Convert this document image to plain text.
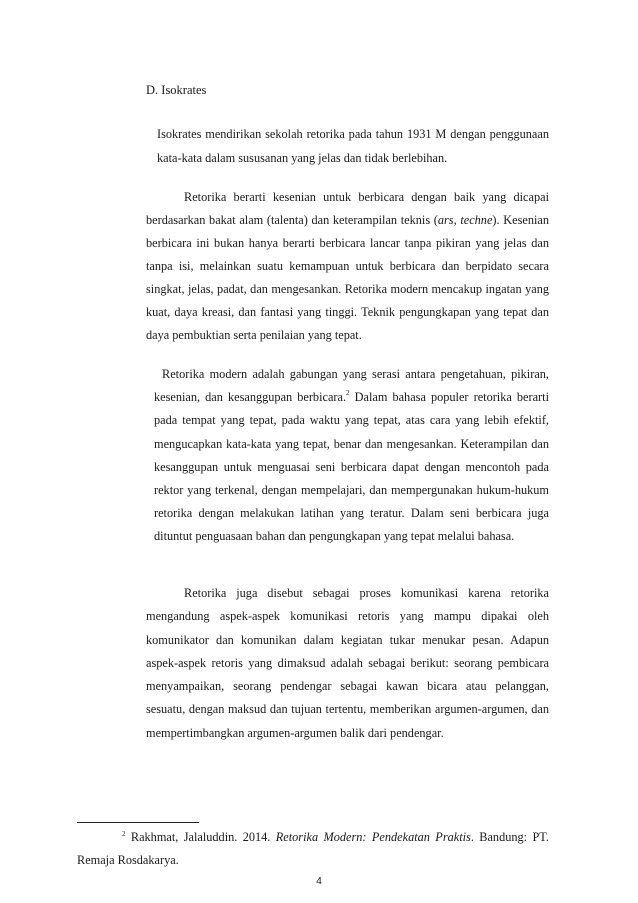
D. Isokrates

Isokrates mendirikan sekolah retorika pada tahun 1931 M dengan penggunaan kata-kata dalam sususanan yang jelas dan tidak berlebihan.

Retorika berarti kesenian untuk berbicara dengan baik yang dicapai berdasarkan bakat alam (talenta) dan keterampilan teknis (ars, techne). Kesenian berbicara ini bukan hanya berarti berbicara lancar tanpa pikiran yang jelas dan tanpa isi, melainkan suatu kemampuan untuk berbicara dan berpidato secara singkat, jelas, padat, dan mengesankan. Retorika modern mencakup ingatan yang kuat, daya kreasi, dan fantasi yang tinggi. Teknik pengungkapan yang tepat dan daya pembuktian serta penilaian yang tepat.

Retorika modern adalah gabungan yang serasi antara pengetahuan, pikiran, kesenian, dan kesanggupan berbicara.$^2$ Dalam bahasa populer retorika berarti pada tempat yang tepat, pada waktu yang tepat, atas cara yang lebih efektif, mengucapkan kata-kata yang tepat, benar dan mengesankan. Keterampilan dan kesanggupan untuk menguasai seni berbicara dapat dengan mencontoh pada rektor yang terkenal, dengan mempelajari, dan mempergunakan hukum-hukum retorika dengan melakukan latihan yang teratur. Dalam seni berbicara juga dituntut penguasaan bahan dan pengungkapan yang tepat melalui bahasa.

Retorika juga disebut sebagai proses komunikasi karena retorika mengandung aspek-aspek komunikasi retoris yang mampu dipakai oleh komunikator dan komunikan dalam kegiatan tukar menukar pesan. Adapun aspek-aspek retoris yang dimaksud adalah sebagai berikut: seorang pembicara menyampaikan, seorang pendengar sebagai kawan bicara atau pelanggan, sesuatu, dengan maksud dan tujuan tertentu, memberikan argumen-argumen, dan mempertimbangkan argumen-argumen balik dari pendengar.

$^2$ Rakhmat, Jalaluddin. 2014. Retorika Modern: Pendekatan Praktis. Bandung: PT. Remaja Rosdakarya.

4
